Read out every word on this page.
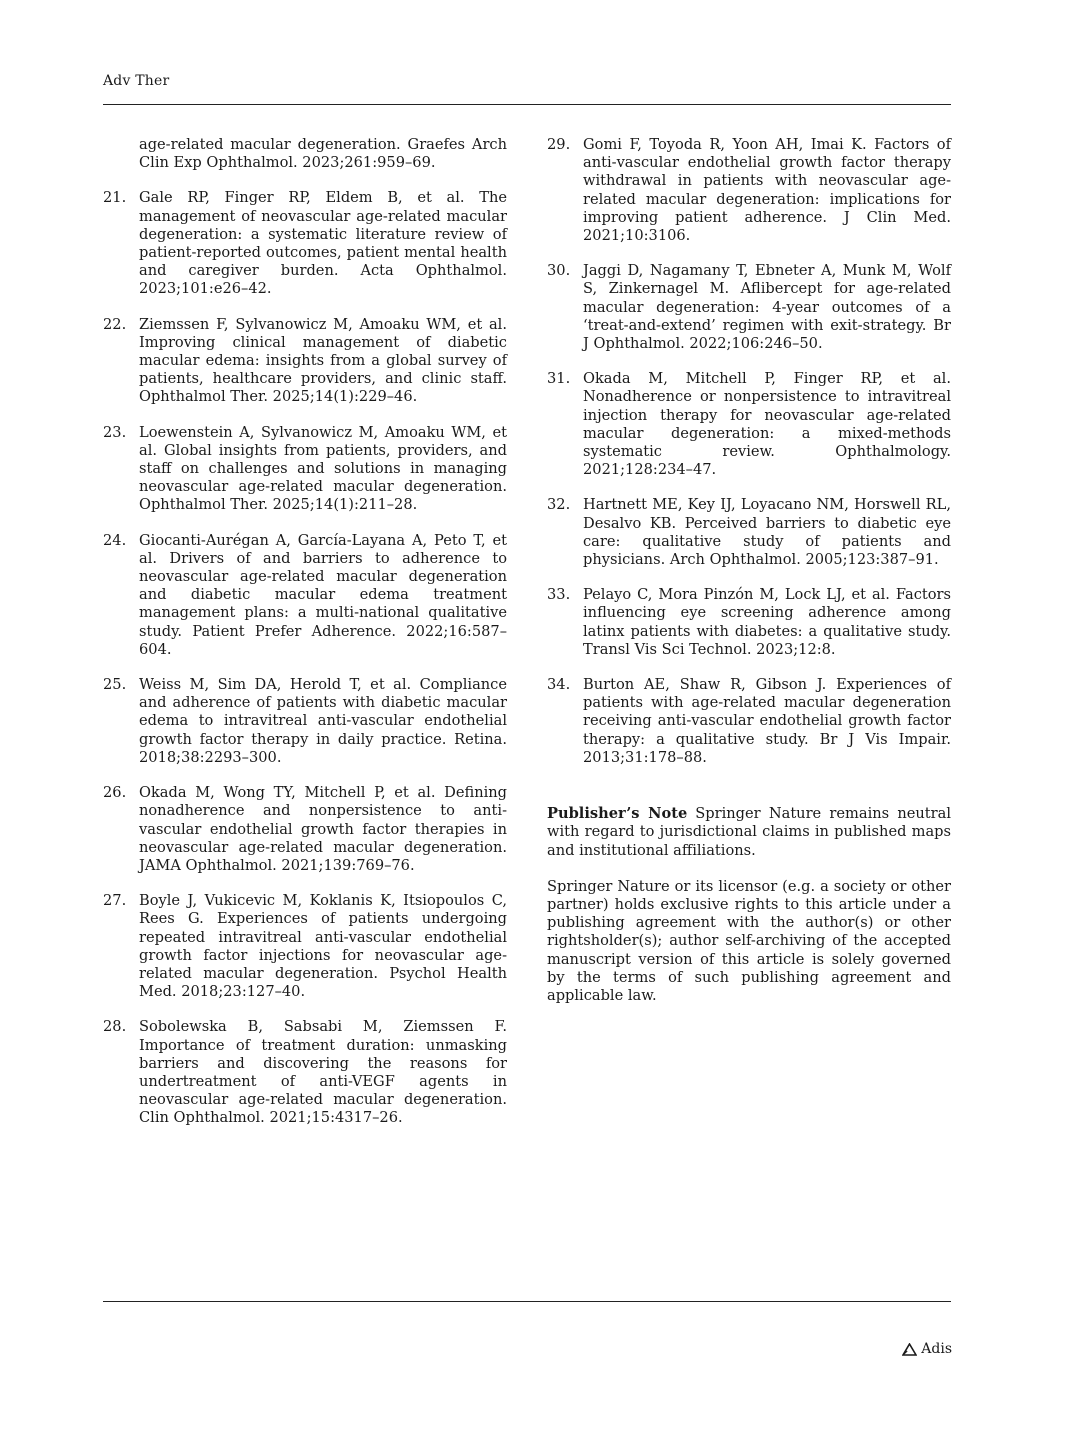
Adv Ther

age-related macular degeneration. Graefes Arch Clin Exp Ophthalmol. 2023;261:959–69.

21. Gale RP, Finger RP, Eldem B, et al. The management of neovascular age-related macular degeneration: a systematic literature review of patient-reported outcomes, patient mental health and caregiver burden. Acta Ophthalmol. 2023;101:e26–42.
22. Ziemssen F, Sylvanowicz M, Amoaku WM, et al. Improving clinical management of diabetic macular edema: insights from a global survey of patients, healthcare providers, and clinic staff. Ophthalmol Ther. 2025;14(1):229–46.
23. Loewenstein A, Sylvanowicz M, Amoaku WM, et al. Global insights from patients, providers, and staff on challenges and solutions in managing neovascular age-related macular degeneration. Ophthalmol Ther. 2025;14(1):211–28.
24. Giocanti-Aurégan A, García-Layana A, Peto T, et al. Drivers of and barriers to adherence to neovascular age-related macular degeneration and diabetic macular edema treatment management plans: a multi-national qualitative study. Patient Prefer Adherence. 2022;16:587–604.
25. Weiss M, Sim DA, Herold T, et al. Compliance and adherence of patients with diabetic macular edema to intravitreal anti-vascular endothelial growth factor therapy in daily practice. Retina. 2018;38:2293–300.
26. Okada M, Wong TY, Mitchell P, et al. Defining nonadherence and nonpersistence to anti-vascular endothelial growth factor therapies in neovascular age-related macular degeneration. JAMA Ophthalmol. 2021;139:769–76.
27. Boyle J, Vukicevic M, Koklanis K, Itsiopoulos C, Rees G. Experiences of patients undergoing repeated intravitreal anti-vascular endothelial growth factor injections for neovascular age-related macular degeneration. Psychol Health Med. 2018;23:127–40.
28. Sobolewska B, Sabsabi M, Ziemssen F. Importance of treatment duration: unmasking barriers and discovering the reasons for undertreatment of anti-VEGF agents in neovascular age-related macular degeneration. Clin Ophthalmol. 2021;15:4317–26.
29. Gomi F, Toyoda R, Yoon AH, Imai K. Factors of anti-vascular endothelial growth factor therapy withdrawal in patients with neovascular age-related macular degeneration: implications for improving patient adherence. J Clin Med. 2021;10:3106.
30. Jaggi D, Nagamany T, Ebneter A, Munk M, Wolf S, Zinkernagel M. Aflibercept for age-related macular degeneration: 4-year outcomes of a ‘treat-and-extend’ regimen with exit-strategy. Br J Ophthalmol. 2022;106:246–50.
31. Okada M, Mitchell P, Finger RP, et al. Nonadherence or nonpersistence to intravitreal injection therapy for neovascular age-related macular degeneration: a mixed-methods systematic review. Ophthalmology. 2021;128:234–47.
32. Hartnett ME, Key IJ, Loyacano NM, Horswell RL, Desalvo KB. Perceived barriers to diabetic eye care: qualitative study of patients and physicians. Arch Ophthalmol. 2005;123:387–91.
33. Pelayo C, Mora Pinzón M, Lock LJ, et al. Factors influencing eye screening adherence among latinx patients with diabetes: a qualitative study. Transl Vis Sci Technol. 2023;12:8.
34. Burton AE, Shaw R, Gibson J. Experiences of patients with age-related macular degeneration receiving anti-vascular endothelial growth factor therapy: a qualitative study. Br J Vis Impair. 2013;31:178–88.

Publisher’s Note Springer Nature remains neutral with regard to jurisdictional claims in published maps and institutional affiliations.

Springer Nature or its licensor (e.g. a society or other partner) holds exclusive rights to this article under a publishing agreement with the author(s) or other rightsholder(s); author self-archiving of the accepted manuscript version of this article is solely governed by the terms of such publishing agreement and applicable law.

Adis
